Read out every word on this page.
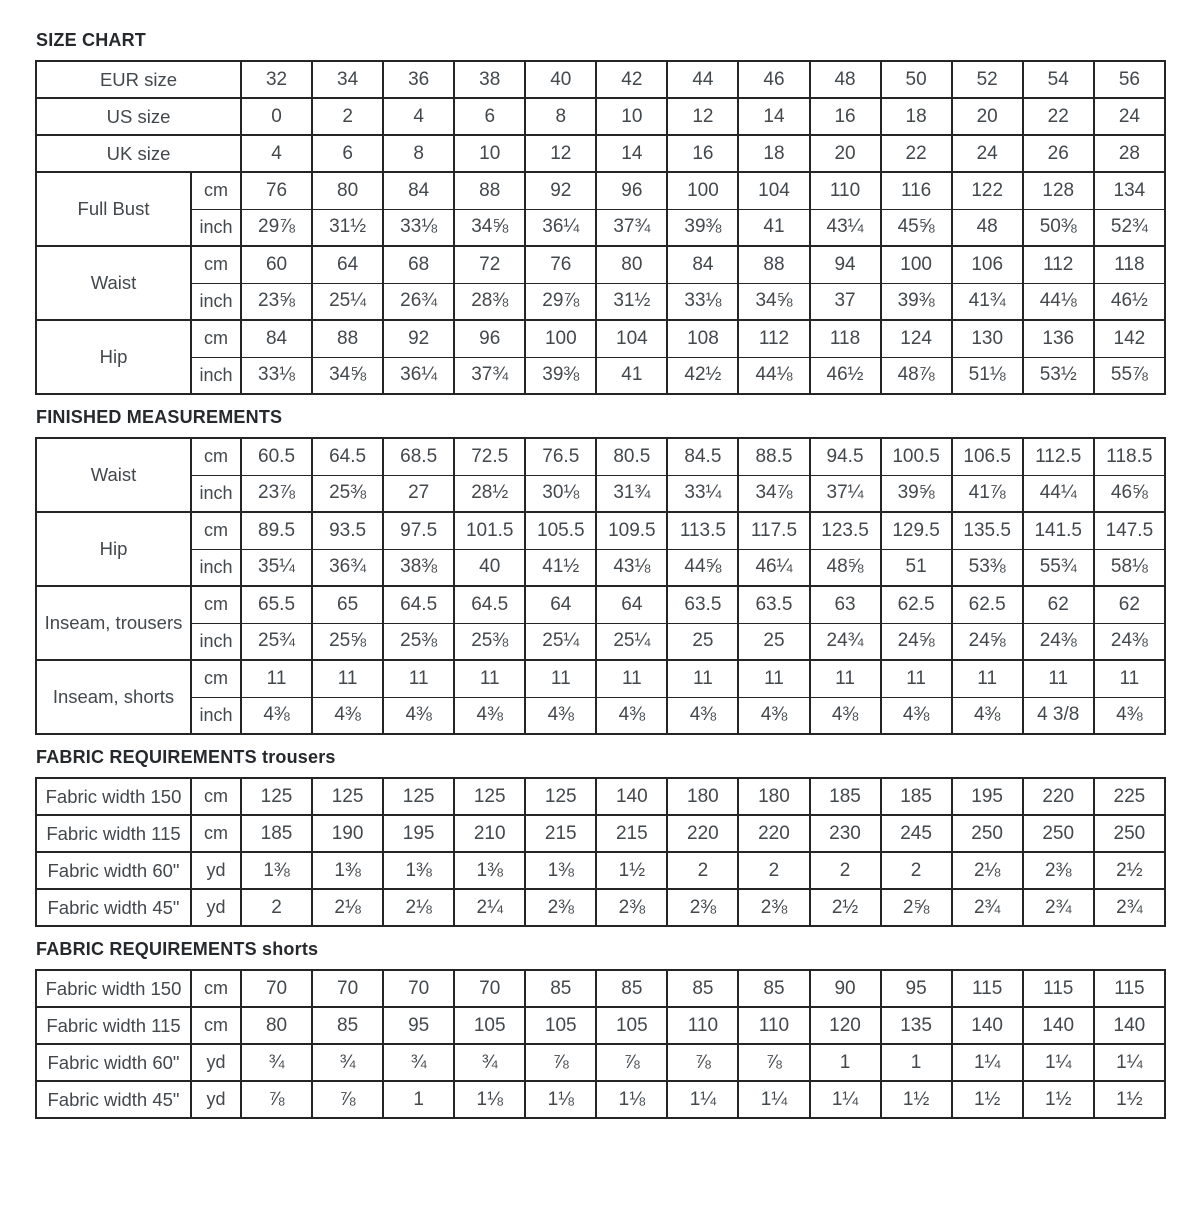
SIZE CHART
EUR size		32	34	36	38	40	42	44	46	48	50	52	54	56
US size		0	2	4	6	8	10	12	14	16	18	20	22	24
UK size		4	6	8	10	12	14	16	18	20	22	24	26	28
Full Bust	cm	76	80	84	88	92	96	100	104	110	116	122	128	134
	inch	29⅞	31½	33⅛	34⅝	36¼	37¾	39⅜	41	43¼	45⅝	48	50⅜	52¾
Waist	cm	60	64	68	72	76	80	84	88	94	100	106	112	118
	inch	23⅝	25¼	26¾	28⅜	29⅞	31½	33⅛	34⅝	37	39⅜	41¾	44⅛	46½
Hip	cm	84	88	92	96	100	104	108	112	118	124	130	136	142
	inch	33⅛	34⅝	36¼	37¾	39⅜	41	42½	44⅛	46½	48⅞	51⅛	53½	55⅞
FINISHED MEASUREMENTS
Waist	cm	60.5	64.5	68.5	72.5	76.5	80.5	84.5	88.5	94.5	100.5	106.5	112.5	118.5
	inch	23⅞	25⅜	27	28½	30⅛	31¾	33¼	34⅞	37¼	39⅝	41⅞	44¼	46⅝
Hip	cm	89.5	93.5	97.5	101.5	105.5	109.5	113.5	117.5	123.5	129.5	135.5	141.5	147.5
	inch	35¼	36¾	38⅜	40	41½	43⅛	44⅝	46¼	48⅝	51	53⅜	55¾	58⅛
Inseam, trousers	cm	65.5	65	64.5	64.5	64	64	63.5	63.5	63	62.5	62.5	62	62
	inch	25¾	25⅝	25⅜	25⅜	25¼	25¼	25	25	24¾	24⅝	24⅝	24⅜	24⅜
Inseam, shorts	cm	11	11	11	11	11	11	11	11	11	11	11	11	11
	inch	4⅜	4⅜	4⅜	4⅜	4⅜	4⅜	4⅜	4⅜	4⅜	4⅜	4⅜	4 3/8	4⅜
FABRIC REQUIREMENTS trousers
Fabric width 150	cm	125	125	125	125	125	140	180	180	185	185	195	220	225
Fabric width 115	cm	185	190	195	210	215	215	220	220	230	245	250	250	250
Fabric width 60"	yd	1⅜	1⅜	1⅜	1⅜	1⅜	1½	2	2	2	2	2⅛	2⅜	2½
Fabric width 45"	yd	2	2⅛	2⅛	2¼	2⅜	2⅜	2⅜	2⅜	2½	2⅝	2¾	2¾	2¾
FABRIC REQUIREMENTS shorts
Fabric width 150	cm	70	70	70	70	85	85	85	85	90	95	115	115	115
Fabric width 115	cm	80	85	95	105	105	105	110	110	120	135	140	140	140
Fabric width 60"	yd	¾	¾	¾	¾	⅞	⅞	⅞	⅞	1	1	1¼	1¼	1¼
Fabric width 45"	yd	⅞	⅞	1	1⅛	1⅛	1⅛	1¼	1¼	1¼	1½	1½	1½	1½
